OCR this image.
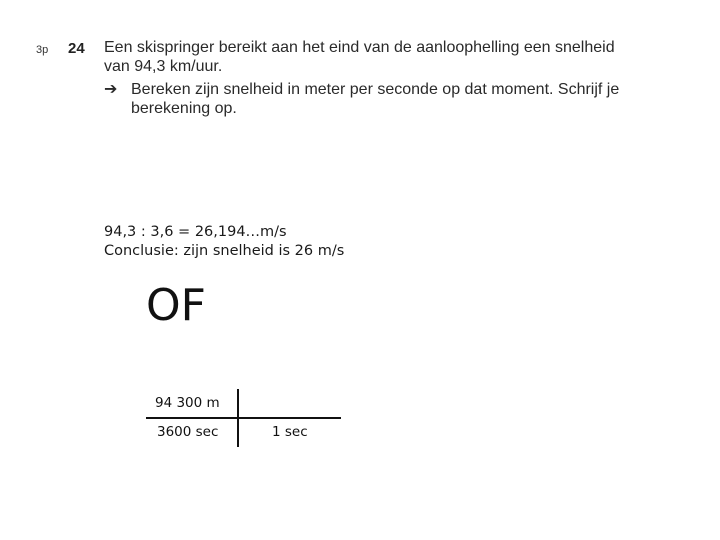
3p 24 Een skispringer bereikt aan het eind van de aanloophelling een snelheid
van 94,3 km/uur.
➔ Bereken zijn snelheid in meter per seconde op dat moment. Schrijf je
berekening op.
94,3 : 3,6 = 26,194…m/s
Conclusie: zijn snelheid is 26 m/s
OF
94 300 m
3600 sec	1 sec
